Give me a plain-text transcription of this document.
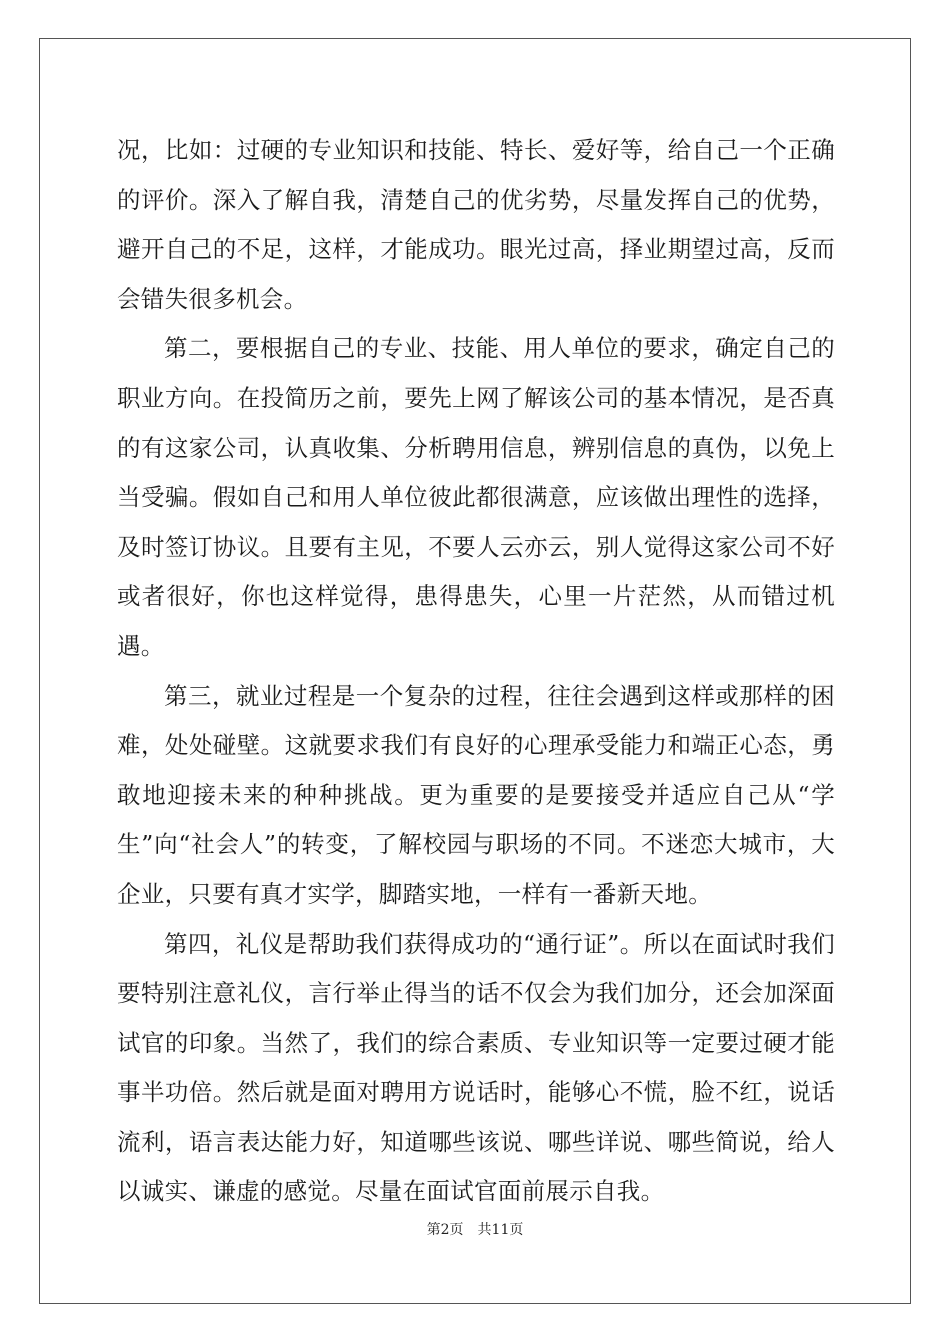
况，比如：过硬的专业知识和技能、特长、爱好等，给自己一个正确的评价。深入了解自我，清楚自己的优劣势，尽量发挥自己的优势，避开自己的不足，这样，才能成功。眼光过高，择业期望过高，反而会错失很多机会。

第二，要根据自己的专业、技能、用人单位的要求，确定自己的职业方向。在投简历之前，要先上网了解该公司的基本情况，是否真的有这家公司，认真收集、分析聘用信息，辨别信息的真伪，以免上当受骗。假如自己和用人单位彼此都很满意，应该做出理性的选择，及时签订协议。且要有主见，不要人云亦云，别人觉得这家公司不好或者很好，你也这样觉得，患得患失，心里一片茫然，从而错过机遇。

第三，就业过程是一个复杂的过程，往往会遇到这样或那样的困难，处处碰壁。这就要求我们有良好的心理承受能力和端正心态，勇敢地迎接未来的种种挑战。更为重要的是要接受并适应自己从“学生”向“社会人”的转变，了解校园与职场的不同。不迷恋大城市，大企业，只要有真才实学，脚踏实地，一样有一番新天地。

第四，礼仪是帮助我们获得成功的“通行证”。所以在面试时我们要特别注意礼仪，言行举止得当的话不仅会为我们加分，还会加深面试官的印象。当然了，我们的综合素质、专业知识等一定要过硬才能事半功倍。然后就是面对聘用方说话时，能够心不慌，脸不红，说话流利，语言表达能力好，知道哪些该说、哪些详说、哪些简说，给人以诚实、谦虚的感觉。尽量在面试官面前展示自我。

第2页 共11页
